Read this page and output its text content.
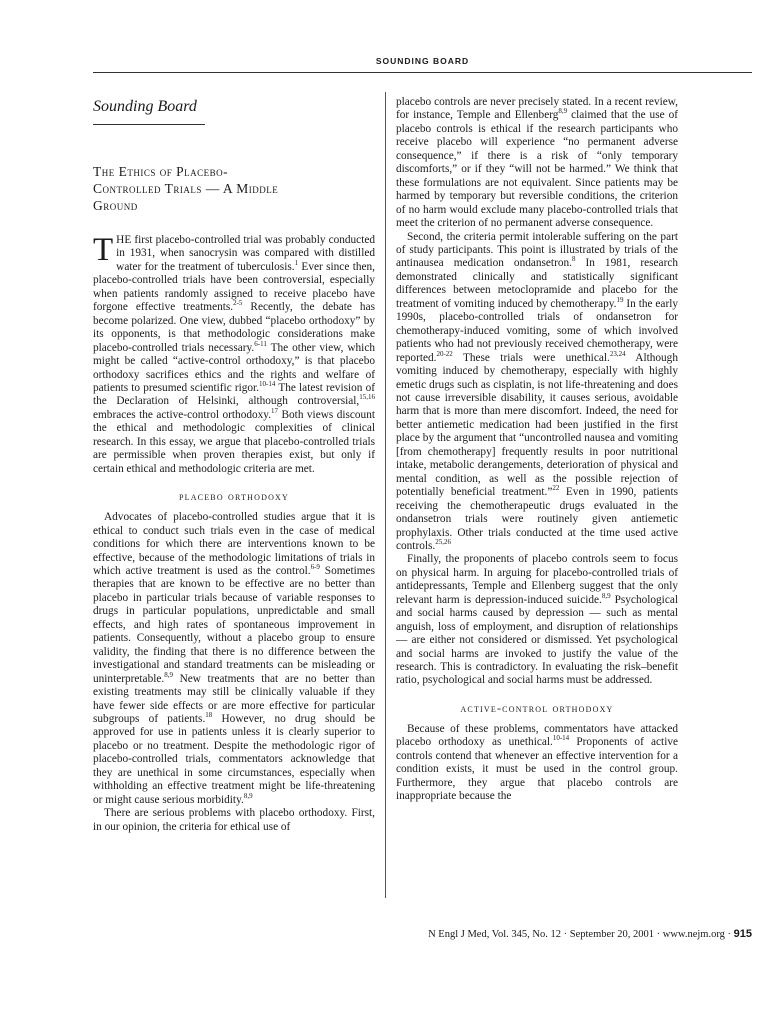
SOUNDING BOARD
Sounding Board
The Ethics of Placebo-
Controlled Trials — A Middle
Ground

THE first placebo-controlled trial was probably conducted in 1931, when sanocrysin was compared with distilled water for the treatment of tuberculosis.$^1$ Ever since then, placebo-controlled trials have been controversial, especially when patients randomly assigned to receive placebo have forgone effective treatments.$^{2-5}$ Recently, the debate has become polarized. One view, dubbed “placebo orthodoxy” by its opponents, is that methodologic considerations make placebo-controlled trials necessary.$^{6-11}$ The other view, which might be called “active-control orthodoxy,” is that placebo orthodoxy sacrifices ethics and the rights and welfare of patients to presumed scientific rigor.$^{10-14}$ The latest revision of the Declaration of Helsinki, although controversial,$^{15,16}$ embraces the active-control orthodoxy.$^{17}$ Both views discount the ethical and methodologic complexities of clinical research. In this essay, we argue that placebo-controlled trials are permissible when proven therapies exist, but only if certain ethical and methodologic criteria are met.

placebo orthodoxy

Advocates of placebo-controlled studies argue that it is ethical to conduct such trials even in the case of medical conditions for which there are interventions known to be effective, because of the methodologic limitations of trials in which active treatment is used as the control.$^{6-9}$ Sometimes therapies that are known to be effective are no better than placebo in particular trials because of variable responses to drugs in particular populations, unpredictable and small effects, and high rates of spontaneous improvement in patients. Consequently, without a placebo group to ensure validity, the finding that there is no difference between the investigational and standard treatments can be misleading or uninterpretable.$^{8,9}$ New treatments that are no better than existing treatments may still be clinically valuable if they have fewer side effects or are more effective for particular subgroups of patients.$^{18}$ However, no drug should be approved for use in patients unless it is clearly superior to placebo or no treatment. Despite the methodologic rigor of placebo-controlled trials, commentators acknowledge that they are unethical in some circumstances, especially when withholding an effective treatment might be life-threatening or might cause serious morbidity.$^{8,9}$

There are serious problems with placebo orthodoxy. First, in our opinion, the criteria for ethical use of

placebo controls are never precisely stated. In a recent review, for instance, Temple and Ellenberg$^{8,9}$ claimed that the use of placebo controls is ethical if the research participants who receive placebo will experience “no permanent adverse consequence,” if there is a risk of “only temporary discomforts,” or if they “will not be harmed.” We think that these formulations are not equivalent. Since patients may be harmed by temporary but reversible conditions, the criterion of no harm would exclude many placebo-controlled trials that meet the criterion of no permanent adverse consequence.

Second, the criteria permit intolerable suffering on the part of study participants. This point is illustrated by trials of the antinausea medication ondansetron.$^8$ In 1981, research demonstrated clinically and statistically significant differences between metoclopramide and placebo for the treatment of vomiting induced by chemotherapy.$^{19}$ In the early 1990s, placebo-controlled trials of ondansetron for chemotherapy-induced vomiting, some of which involved patients who had not previously received chemotherapy, were reported.$^{20-22}$ These trials were unethical.$^{23,24}$ Although vomiting induced by chemotherapy, especially with highly emetic drugs such as cisplatin, is not life-threatening and does not cause irreversible disability, it causes serious, avoidable harm that is more than mere discomfort. Indeed, the need for better antiemetic medication had been justified in the first place by the argument that “uncontrolled nausea and vomiting [from chemotherapy] frequently results in poor nutritional intake, metabolic derangements, deterioration of physical and mental condition, as well as the possible rejection of potentially beneficial treatment.”$^{22}$ Even in 1990, patients receiving the chemotherapeutic drugs evaluated in the ondansetron trials were routinely given antiemetic prophylaxis. Other trials conducted at the time used active controls.$^{25,26}$

Finally, the proponents of placebo controls seem to focus on physical harm. In arguing for placebo-controlled trials of antidepressants, Temple and Ellenberg suggest that the only relevant harm is depression-induced suicide.$^{8,9}$ Psychological and social harms caused by depression — such as mental anguish, loss of employment, and disruption of relationships — are either not considered or dismissed. Yet psychological and social harms are invoked to justify the value of the research. This is contradictory. In evaluating the risk–benefit ratio, psychological and social harms must be addressed.

active-control orthodoxy

Because of these problems, commentators have attacked placebo orthodoxy as unethical.$^{10-14}$ Proponents of active controls contend that whenever an effective intervention for a condition exists, it must be used in the control group. Furthermore, they argue that placebo controls are inappropriate because the

N Engl J Med, Vol. 345, No. 12 · September 20, 2001 · www.nejm.org · 915
